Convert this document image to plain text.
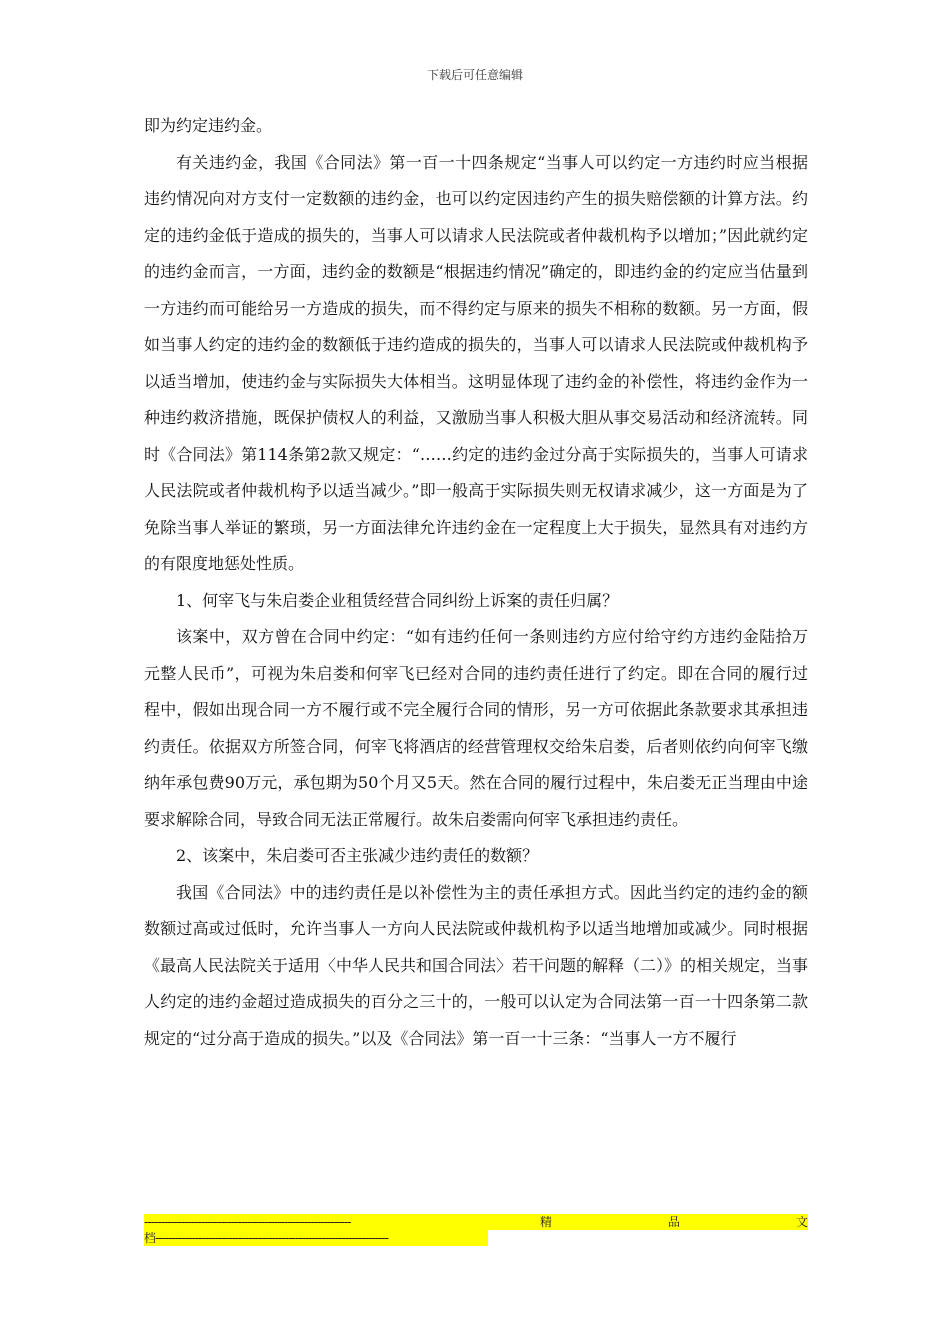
下载后可任意编辑

即为约定违约金。

有关违约金，我国《合同法》第一百一十四条规定“当事人可以约定一方违约时应当根据违约情况向对方支付一定数额的违约金，也可以约定因违约产生的损失赔偿额的计算方法。约定的违约金低于造成的损失的，当事人可以请求人民法院或者仲裁机构予以增加；”因此就约定的违约金而言，一方面，违约金的数额是“根据违约情况”确定的，即违约金的约定应当估量到一方违约而可能给另一方造成的损失，而不得约定与原来的损失不相称的数额。另一方面，假如当事人约定的违约金的数额低于违约造成的损失的，当事人可以请求人民法院或仲裁机构予以适当增加，使违约金与实际损失大体相当。这明显体现了违约金的补偿性，将违约金作为一种违约救济措施，既保护债权人的利益，又激励当事人积极大胆从事交易活动和经济流转。同时《合同法》第114条第2款又规定：“……约定的违约金过分高于实际损失的，当事人可请求人民法院或者仲裁机构予以适当减少。”即一般高于实际损失则无权请求减少，这一方面是为了免除当事人举证的繁琐，另一方面法律允许违约金在一定程度上大于损失，显然具有对违约方的有限度地惩处性质。

1、何宰飞与朱启娄企业租赁经营合同纠纷上诉案的责任归属？

该案中，双方曾在合同中约定：“如有违约任何一条则违约方应付给守约方违约金陆拾万元整人民币”，可视为朱启娄和何宰飞已经对合同的违约责任进行了约定。即在合同的履行过程中，假如出现合同一方不履行或不完全履行合同的情形，另一方可依据此条款要求其承担违约责任。依据双方所签合同，何宰飞将酒店的经营管理权交给朱启娄，后者则依约向何宰飞缴纳年承包费90万元，承包期为50个月又5天。然在合同的履行过程中，朱启娄无正当理由中途要求解除合同，导致合同无法正常履行。故朱启娄需向何宰飞承担违约责任。

2、该案中，朱启娄可否主张减少违约责任的数额？

我国《合同法》中的违约责任是以补偿性为主的责任承担方式。因此当约定的违约金的额数额过高或过低时，允许当事人一方向人民法院或仲裁机构予以适当地增加或减少。同时根据《最高人民法院关于适用〈中华人民共和国合同法〉若干问题的解释（二）》的相关规定，当事人约定的违约金超过造成损失的百分之三十的，一般可以认定为合同法第一百一十四条第二款规定的“过分高于造成的损失。”以及《合同法》第一百一十三条：“当事人一方不履行

--------------------------------------------------------------	精	品	文
档----------------------------------------------------------------------
